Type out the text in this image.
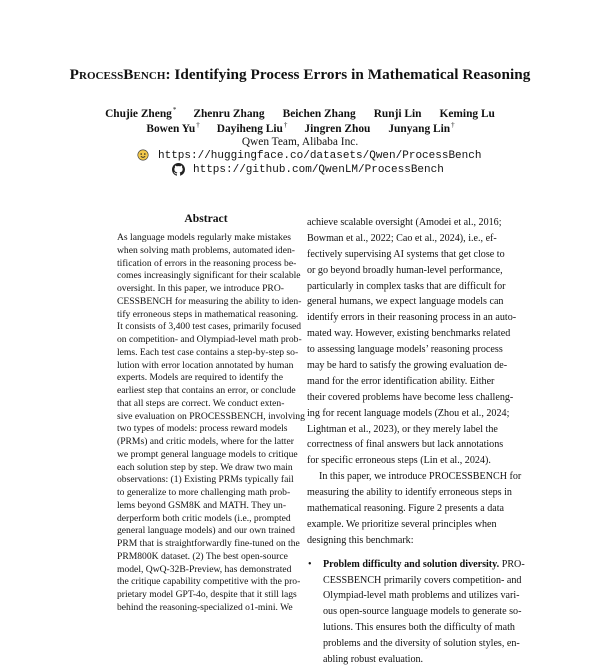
ProcessBench: Identifying Process Errors in Mathematical Reasoning
Chujie Zheng* Zhenru Zhang Beichen Zhang Runji Lin Keming Lu
Bowen Yu† Dayiheng Liu† Jingren Zhou Junyang Lin†
Qwen Team, Alibaba Inc.
https://huggingface.co/datasets/Qwen/ProcessBench
https://github.com/QwenLM/ProcessBench
Abstract
As language models regularly make mistakes
when solving math problems, automated iden-
tification of errors in the reasoning process be-
comes increasingly significant for their scalable
oversight. In this paper, we introduce PRO-
CESSBENCH for measuring the ability to iden-
tify erroneous steps in mathematical reasoning.
It consists of 3,400 test cases, primarily focused
on competition- and Olympiad-level math prob-
lems. Each test case contains a step-by-step so-
lution with error location annotated by human
experts. Models are required to identify the
earliest step that contains an error, or conclude
that all steps are correct. We conduct exten-
sive evaluation on PROCESSBENCH, involving
two types of models: process reward models
(PRMs) and critic models, where for the latter
we prompt general language models to critique
each solution step by step. We draw two main
observations: (1) Existing PRMs typically fail
to generalize to more challenging math prob-
lems beyond GSM8K and MATH. They un-
derperform both critic models (i.e., prompted
general language models) and our own trained
PRM that is straightforwardly fine-tuned on the
PRM800K dataset. (2) The best open-source
model, QwQ-32B-Preview, has demonstrated
the critique capability competitive with the pro-
prietary model GPT-4o, despite that it still lags
behind the reasoning-specialized o1-mini. We
achieve scalable oversight (Amodei et al., 2016;
Bowman et al., 2022; Cao et al., 2024), i.e., ef-
fectively supervising AI systems that get close to
or go beyond broadly human-level performance,
particularly in complex tasks that are difficult for
general humans, we expect language models can
identify errors in their reasoning process in an auto-
mated way. However, existing benchmarks related
to assessing language models’ reasoning process
may be hard to satisfy the growing evaluation de-
mand for the error identification ability. Either
their covered problems have become less challeng-
ing for recent language models (Zhou et al., 2024;
Lightman et al., 2023), or they merely label the
correctness of final answers but lack annotations
for specific erroneous steps (Lin et al., 2024).
In this paper, we introduce PROCESSBENCH for
measuring the ability to identify erroneous steps in
mathematical reasoning. Figure 2 presents a data
example. We prioritize several principles when
designing this benchmark:
• Problem difficulty and solution diversity. PRO-
CESSBENCH primarily covers competition- and
Olympiad-level math problems and utilizes vari-
ous open-source language models to generate so-
lutions. This ensures both the difficulty of math
problems and the diversity of solution styles, en-
abling robust evaluation.
